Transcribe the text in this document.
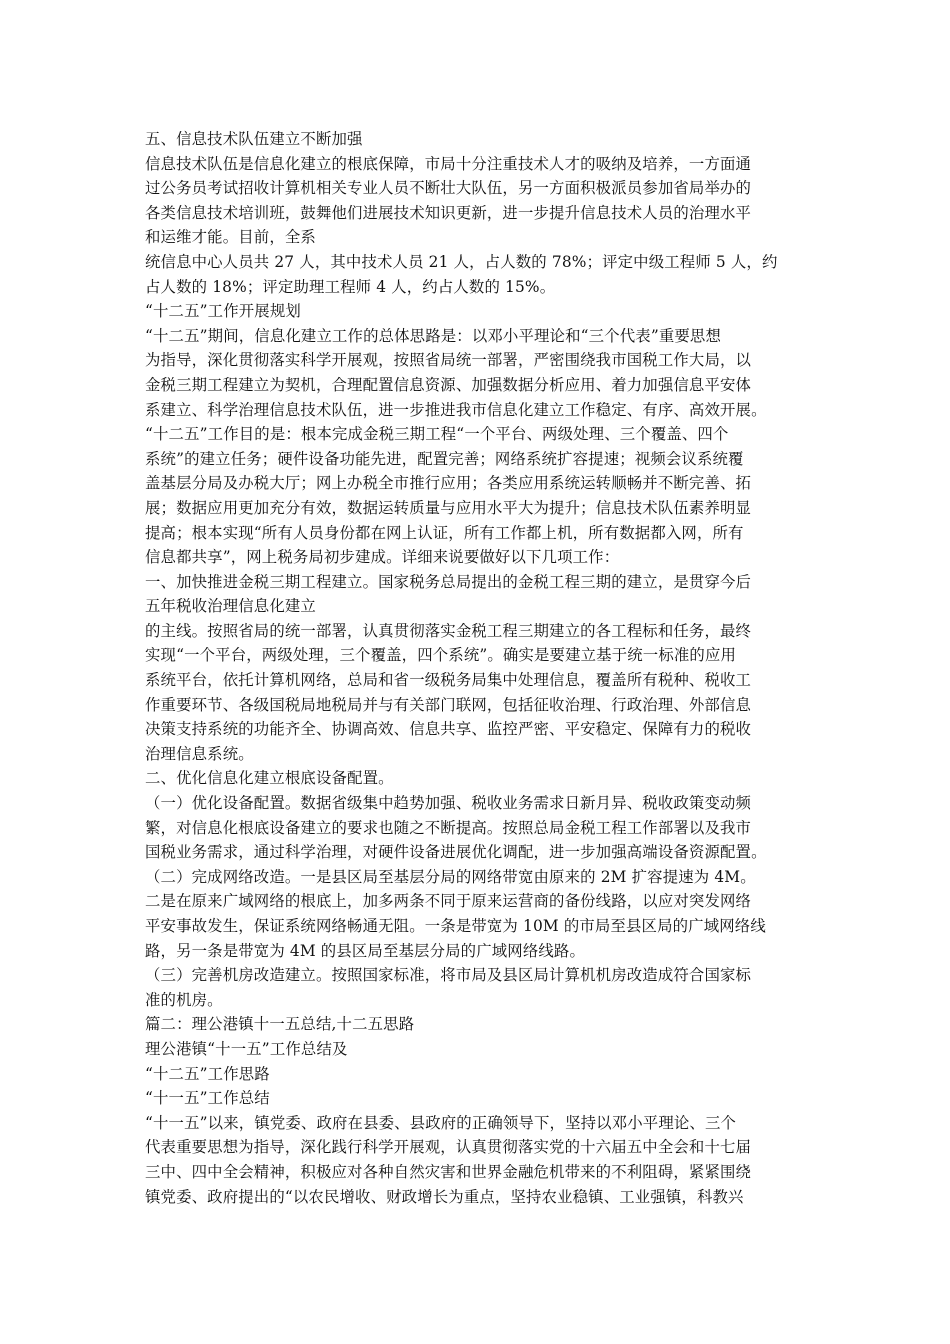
五、信息技术队伍建立不断加强
信息技术队伍是信息化建立的根底保障，市局十分注重技术人才的吸纳及培养，一方面通
过公务员考试招收计算机相关专业人员不断壮大队伍，另一方面积极派员参加省局举办的
各类信息技术培训班，鼓舞他们进展技术知识更新，进一步提升信息技术人员的治理水平
和运维才能。目前，全系
统信息中心人员共 27 人，其中技术人员 21 人，占人数的 78%；评定中级工程师 5 人，约
占人数的 18%；评定助理工程师 4 人，约占人数的 15%。
“十二五”工作开展规划
“十二五”期间，信息化建立工作的总体思路是：以邓小平理论和“三个代表”重要思想
为指导，深化贯彻落实科学开展观，按照省局统一部署，严密围绕我市国税工作大局，以
金税三期工程建立为契机，合理配置信息资源、加强数据分析应用、着力加强信息平安体
系建立、科学治理信息技术队伍，进一步推进我市信息化建立工作稳定、有序、高效开展。
“十二五”工作目的是：根本完成金税三期工程“一个平台、两级处理、三个覆盖、四个
系统”的建立任务；硬件设备功能先进，配置完善；网络系统扩容提速；视频会议系统覆
盖基层分局及办税大厅；网上办税全市推行应用；各类应用系统运转顺畅并不断完善、拓
展；数据应用更加充分有效，数据运转质量与应用水平大为提升；信息技术队伍素养明显
提高；根本实现“所有人员身份都在网上认证，所有工作都上机，所有数据都入网，所有
信息都共享”，网上税务局初步建成。详细来说要做好以下几项工作：
一、加快推进金税三期工程建立。国家税务总局提出的金税工程三期的建立，是贯穿今后
五年税收治理信息化建立
的主线。按照省局的统一部署，认真贯彻落实金税工程三期建立的各工程标和任务，最终
实现“一个平台，两级处理，三个覆盖，四个系统”。确实是要建立基于统一标准的应用
系统平台，依托计算机网络，总局和省一级税务局集中处理信息，覆盖所有税种、税收工
作重要环节、各级国税局地税局并与有关部门联网，包括征收治理、行政治理、外部信息
决策支持系统的功能齐全、协调高效、信息共享、监控严密、平安稳定、保障有力的税收
治理信息系统。
二、优化信息化建立根底设备配置。
（一）优化设备配置。数据省级集中趋势加强、税收业务需求日新月异、税收政策变动频
繁，对信息化根底设备建立的要求也随之不断提高。按照总局金税工程工作部署以及我市
国税业务需求，通过科学治理，对硬件设备进展优化调配，进一步加强高端设备资源配置。
（二）完成网络改造。一是县区局至基层分局的网络带宽由原来的 2M 扩容提速为 4M。
二是在原来广域网络的根底上，加多两条不同于原来运营商的备份线路，以应对突发网络
平安事故发生，保证系统网络畅通无阻。一条是带宽为 10M 的市局至县区局的广域网络线
路，另一条是带宽为 4M 的县区局至基层分局的广域网络线路。
（三）完善机房改造建立。按照国家标准，将市局及县区局计算机机房改造成符合国家标
准的机房。
篇二：理公港镇十一五总结,十二五思路
理公港镇“十一五”工作总结及
“十二五”工作思路
“十一五”工作总结
“十一五”以来，镇党委、政府在县委、县政府的正确领导下，坚持以邓小平理论、三个
代表重要思想为指导，深化践行科学开展观，认真贯彻落实党的十六届五中全会和十七届
三中、四中全会精神，积极应对各种自然灾害和世界金融危机带来的不利阻碍，紧紧围绕
镇党委、政府提出的“以农民增收、财政增长为重点，坚持农业稳镇、工业强镇，科教兴
